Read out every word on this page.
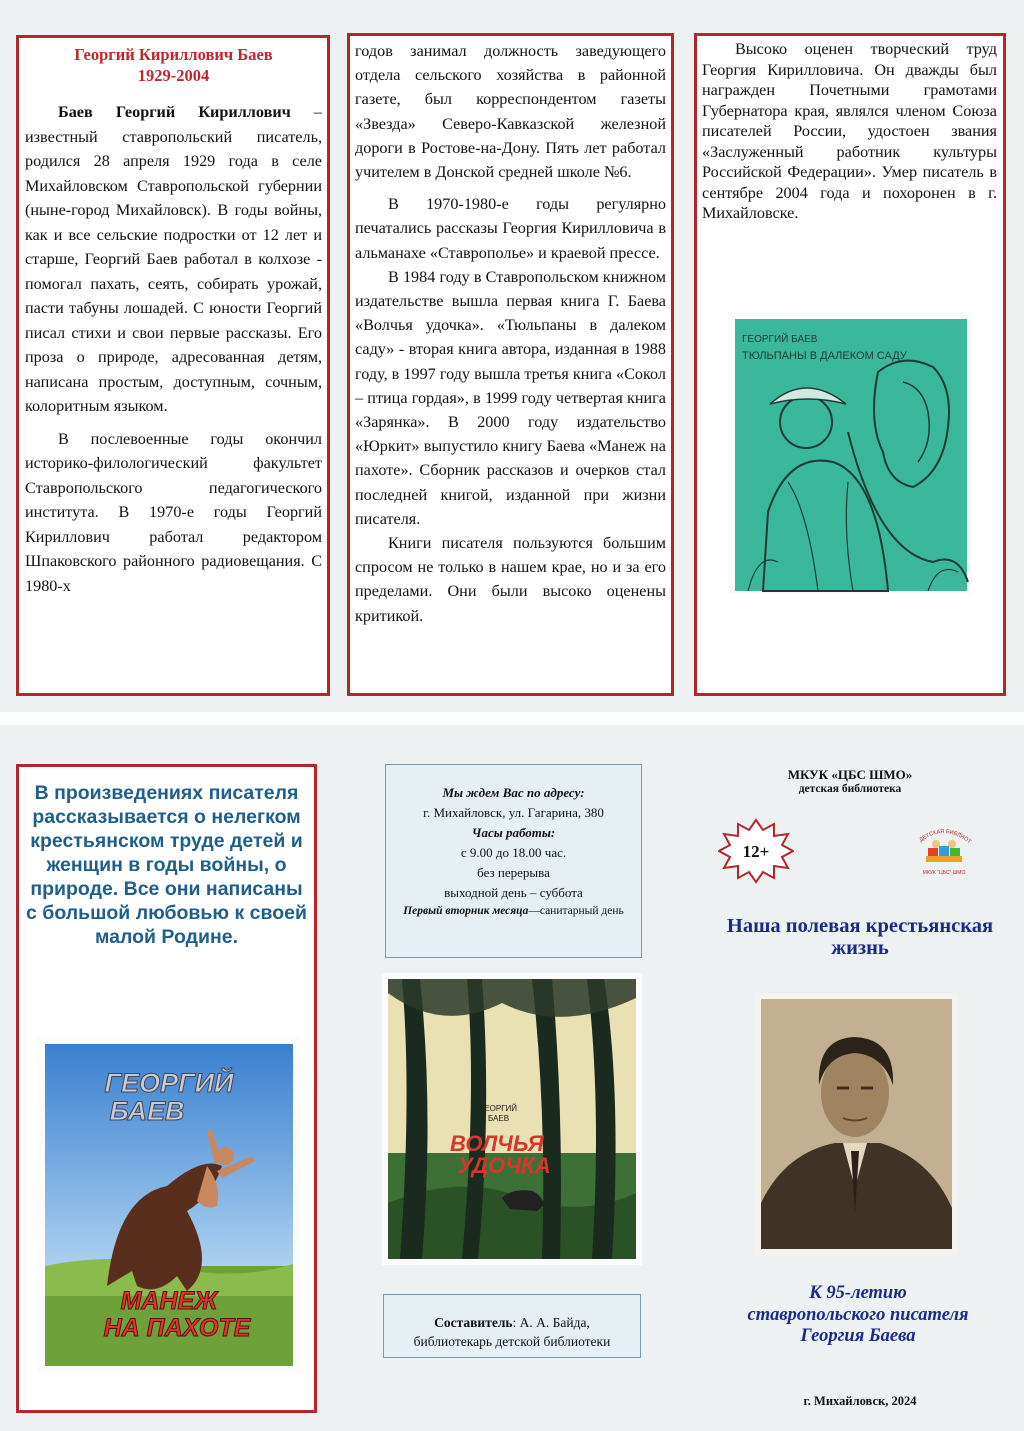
Георгий Кириллович Баев
1929-2004

Баев Георгий Кириллович – известный ставропольский писатель, родился 28 апреля 1929 года в селе Михайловском Ставропольской губернии (ныне-город Михайловск). В годы войны, как и все сельские подростки от 12 лет и старше, Георгий Баев работал в колхозе - помогал пахать, сеять, собирать урожай, пасти табуны лошадей. С юности Георгий писал стихи и свои первые рассказы. Его проза о природе, адресованная детям, написана простым, доступным, сочным, колоритным языком.

В послевоенные годы окончил историко-филологический факультет Ставропольского педагогического института. В 1970-е годы Георгий Кириллович работал редактором Шпаковского районного радиовещания. С 1980-х

годов занимал должность заведующего отдела сельского хозяйства в районной газете, был корреспондентом газеты «Звезда» Северо-Кавказской железной дороги в Ростове-на-Дону. Пять лет работал учителем в Донской средней школе №6.

В 1970-1980-е годы регулярно печатались рассказы Георгия Кирилловича в альманахе «Ставрополье» и краевой прессе.

В 1984 году в Ставропольском книжном издательстве вышла первая книга Г. Баева «Волчья удочка». «Тюльпаны в далеком саду» - вторая книга автора, изданная в 1988 году, в 1997 году вышла третья книга «Сокол – птица гордая», в 1999 году четвертая книга «Зарянка». В 2000 году издательство «Юркит» выпустило книгу Баева «Манеж на пахоте». Сборник рассказов и очерков стал последней книгой, изданной при жизни писателя.

Книги писателя пользуются большим спросом не только в нашем крае, но и за его пределами. Они были высоко оценены критикой.

Высоко оценен творческий труд Георгия Кирилловича. Он дважды был награжден Почетными грамотами Губернатора края, являлся членом Союза писателей России, удостоен звания «Заслуженный работник культуры Российской Федерации». Умер писатель в сентябре 2004 года и похоронен в г. Михайловске.

ГЕОРГИЙ БАЕВ
ТЮЛЬПАНЫ В ДАЛЕКОМ САДУ
В произведениях писателя рассказывается о нелегком крестьянском труде детей и женщин в годы войны, о природе. Все они написаны с большой любовью к своей малой Родине.
ГЕОРГИЙ
БАЕВ
МАНЕЖ
НА ПАХОТЕ
Мы ждем Вас по адресу:
г. Михайловск, ул. Гагарина, 380
Часы работы:
с 9.00 до 18.00 час.
без перерыва
выходной день – суббота
Первый вторник месяца—санитарный день
ГЕОРГИЙ
БАЕВ
ВОЛЧЬЯ
УДОЧКА
Составитель: А. А. Байда,
библиотекарь детской библиотеки
МКУК «ЦБС ШМО»
детская библиотека
12+
ДЕТСКАЯ БИБЛИОТ
МКУК "ЦБС" ШМО
Наша полевая крестьянская жизнь
К 95-летию
ставропольского писателя
Георгия Баева
г. Михайловск, 2024
